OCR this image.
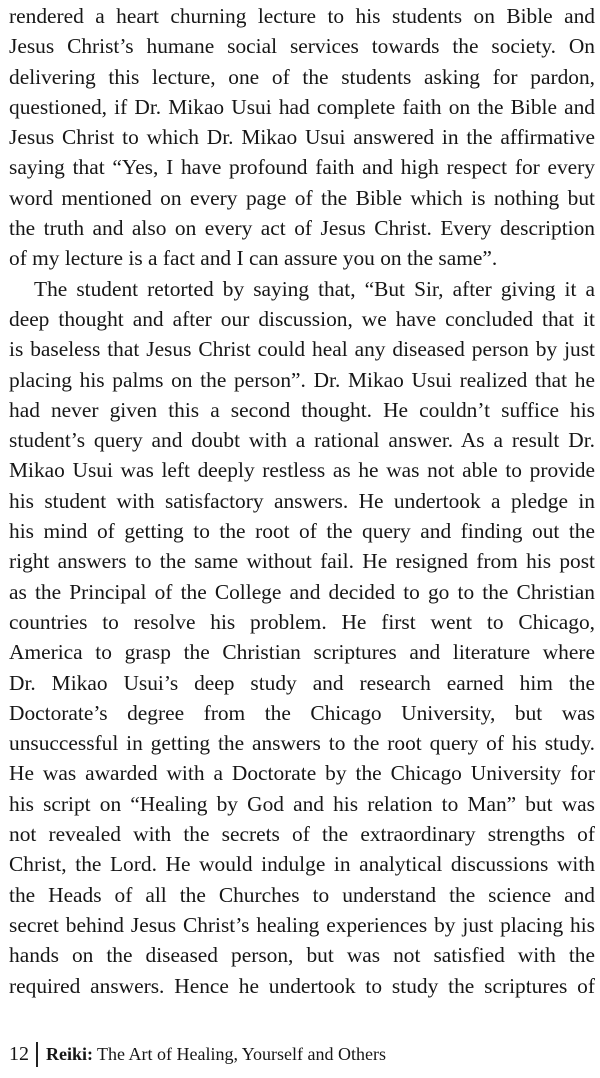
rendered a heart churning lecture to his students on Bible and
Jesus Christ’s humane social services towards the society. On
delivering this lecture, one of the students asking for pardon,
questioned, if Dr. Mikao Usui had complete faith on the Bible and
Jesus Christ to which Dr. Mikao Usui answered in the affirmative
saying that “Yes, I have profound faith and high respect for every
word mentioned on every page of the Bible which is nothing but
the truth and also on every act of Jesus Christ. Every description
of my lecture is a fact and I can assure you on the same”.
The student retorted by saying that, “But Sir, after giving it a
deep thought and after our discussion, we have concluded that it
is baseless that Jesus Christ could heal any diseased person by just
placing his palms on the person”. Dr. Mikao Usui realized that he
had never given this a second thought. He couldn’t suffice his
student’s query and doubt with a rational answer. As a result Dr.
Mikao Usui was left deeply restless as he was not able to provide
his student with satisfactory answers. He undertook a pledge in
his mind of getting to the root of the query and finding out the
right answers to the same without fail. He resigned from his post
as the Principal of the College and decided to go to the Christian
countries to resolve his problem. He first went to Chicago,
America to grasp the Christian scriptures and literature where
Dr. Mikao Usui’s deep study and research earned him the
Doctorate’s degree from the Chicago University, but was
unsuccessful in getting the answers to the root query of his study.
He was awarded with a Doctorate by the Chicago University for
his script on “Healing by God and his relation to Man” but was
not revealed with the secrets of the extraordinary strengths of
Christ, the Lord. He would indulge in analytical discussions with
the Heads of all the Churches to understand the science and
secret behind Jesus Christ’s healing experiences by just placing his
hands on the diseased person, but was not satisfied with the
required answers. Hence he undertook to study the scriptures of
12 Reiki: The Art of Healing, Yourself and Others
